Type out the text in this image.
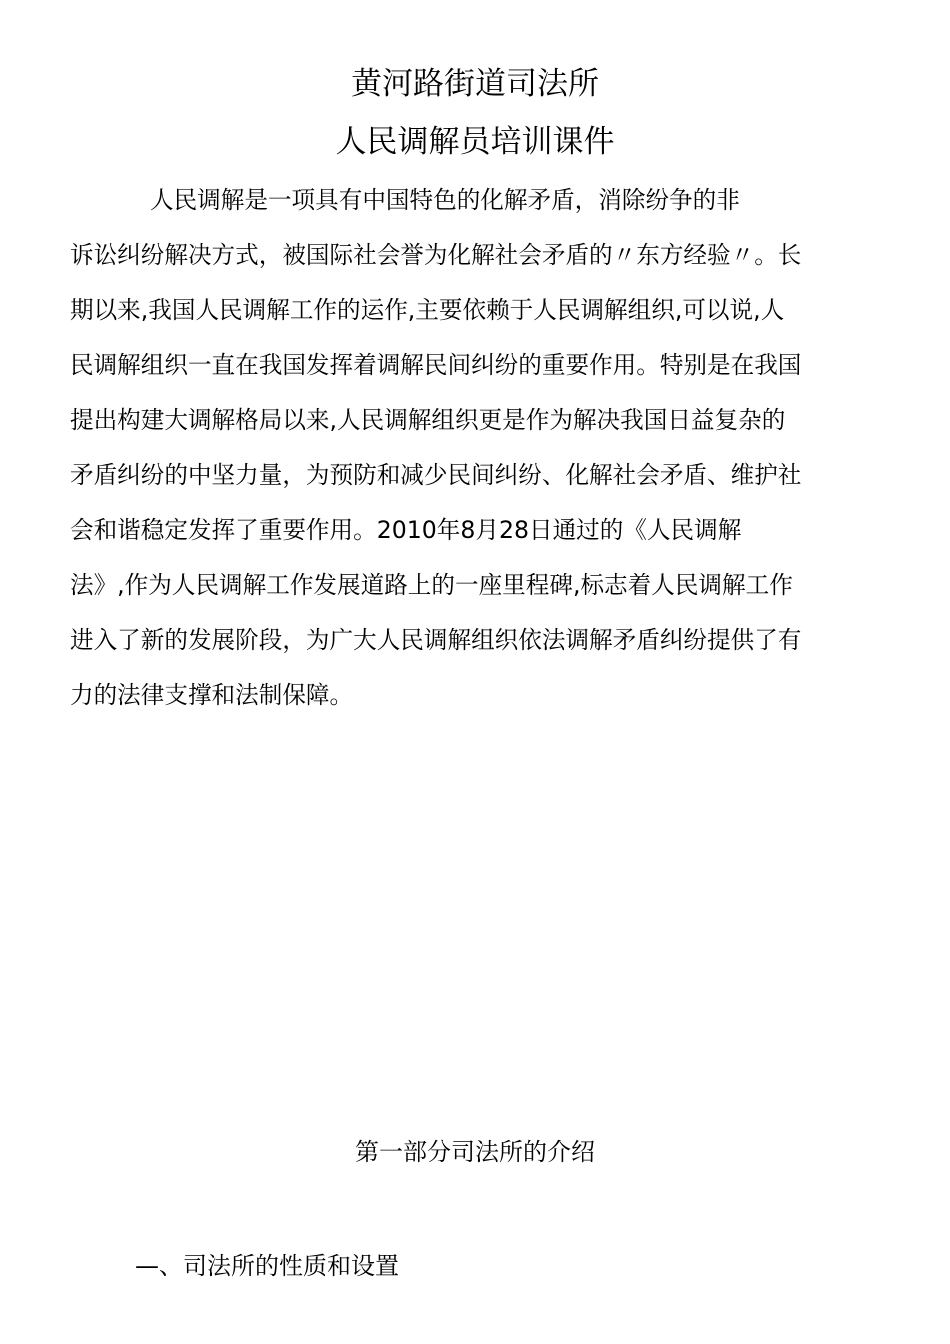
黄河路街道司法所
人民调解员培训课件
人民调解是一项具有中国特色的化解矛盾，消除纷争的非
诉讼纠纷解决方式，被国际社会誉为化解社会矛盾的〃东方经验〃。长
期以来,我国人民调解工作的运作,主要依赖于人民调解组织,可以说,人
民调解组织一直在我国发挥着调解民间纠纷的重要作用。特别是在我国
提出构建大调解格局以来,人民调解组织更是作为解决我国日益复杂的
矛盾纠纷的中坚力量，为预防和减少民间纠纷、化解社会矛盾、维护社
会和谐稳定发挥了重要作用。2010年8月28日通过的《人民调解
法》,作为人民调解工作发展道路上的一座里程碑,标志着人民调解工作
进入了新的发展阶段，为广大人民调解组织依法调解矛盾纠纷提供了有
力的法律支撑和法制保障。
第一部分司法所的介绍
—、司法所的性质和设置
